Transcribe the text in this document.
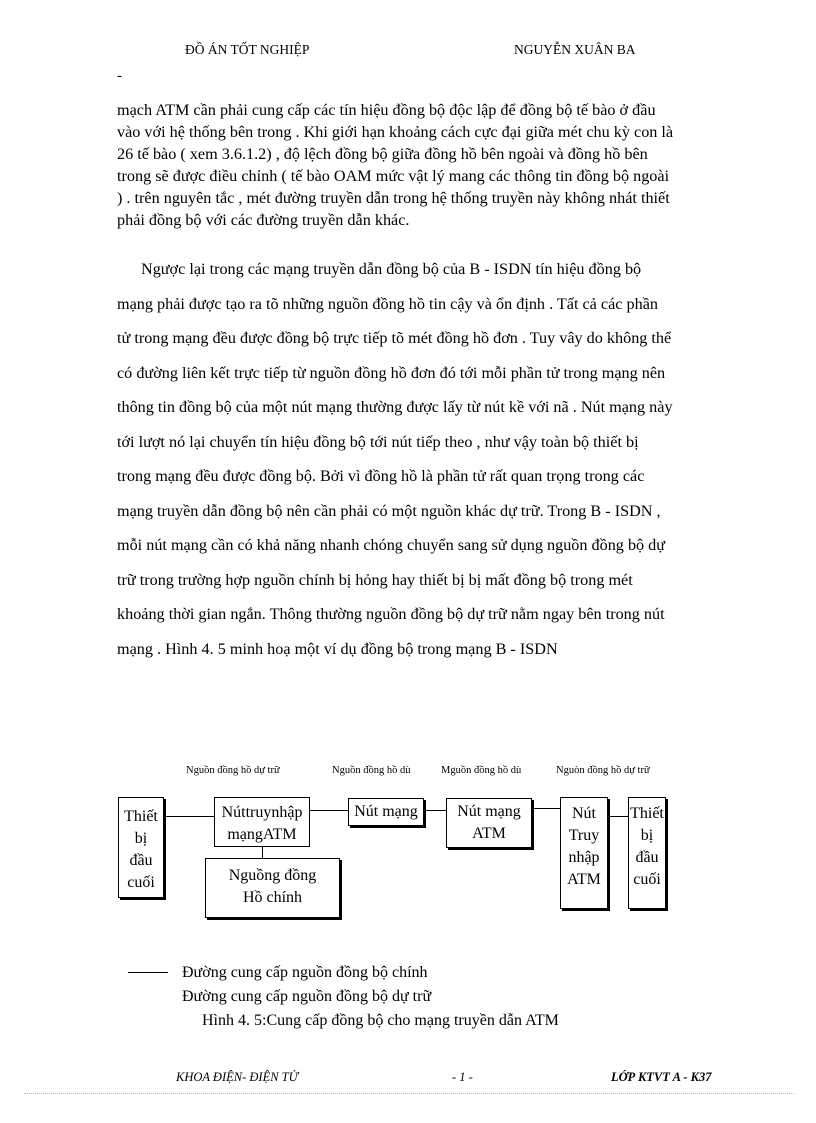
ĐỒ ÁN TỐT NGHIỆP	NGUYỄN XUÂN BA
-
mạch ATM cần phải cung cấp các tín hiệu đồng bộ độc lập để đồng bộ tế bào ở đầu
vào với hệ thống bên trong . Khi giới hạn khoảng cách cực đại giữa mét chu kỳ con là
26 tế bào ( xem 3.6.1.2) , độ lệch đồng bộ giữa đồng hồ bên ngoài và đồng hồ bên
trong sẽ được điều chỉnh ( tế bào OAM mức vật lý mang các thông tin đồng bộ ngoài
) . trên nguyên tắc , mét đường truyền dẫn trong hệ thống truyền này không nhát thiết
phải đồng bộ với các đường truyền dẫn khác.
Ngược lại trong các mạng truyền dẫn đồng bộ của B - ISDN tín hiệu đồng bộ
mạng phải được tạo ra tõ những nguồn đồng hồ tin cậy và ổn định . Tất cả các phần
tử trong mạng đều được đồng bộ trực tiếp tõ mét đồng hồ đơn . Tuy vây do không thể
có đường liên kết trực tiếp từ nguồn đồng hồ đơn đó tới mỗi phần tử trong mạng nên
thông tin đồng bộ của một nút mạng thường được lấy từ nút kề với nã . Nút mạng này
tới lượt nó lại chuyển tín hiệu đồng bộ tới nút tiếp theo , như vậy toàn bộ thiết bị
trong mạng đều được đồng bộ. Bởi vì đồng hồ là phần tử rất quan trọng trong các
mạng truyền dẫn đồng bộ nên cần phải có một nguồn khác dự trữ. Trong B - ISDN ,
mỗi nút mạng cần có khả năng nhanh chóng chuyển sang sử dụng nguồn đồng bộ dự
trữ trong trường hợp nguồn chính bị hỏng hay thiết bị bị mất đồng bộ trong mét
khoảng thời gian ngắn. Thông thường nguồn đồng bộ dự trữ nằm ngay bên trong nút
mạng . Hình 4. 5 minh hoạ một ví dụ đồng bộ trong mạng B - ISDN
Nguồn đồng hồ dự trữ	Nguồn đồng hồ dù	Mguồn đồng hồ dù	Nguòn đồng hồ dự trữ
Thiết bị
đầu
cuối
Núttruynhập
mạngATM
Nguồng đồng
Hồ chính
Nút mạng	Nút mạng
ATM
Nút
Truy
nhập
ATM
Thiết
bị
đầu
cuối
Đường cung cấp nguồn đồng bộ chính
Đường cung cấp nguồn đồng bộ dự trữ
Hình 4. 5:Cung cấp đồng bộ cho mạng truyền dẫn ATM
KHOA ĐIỆN- ĐIỆN TỬ	- 1 -	LỚP KTVT A - K37
